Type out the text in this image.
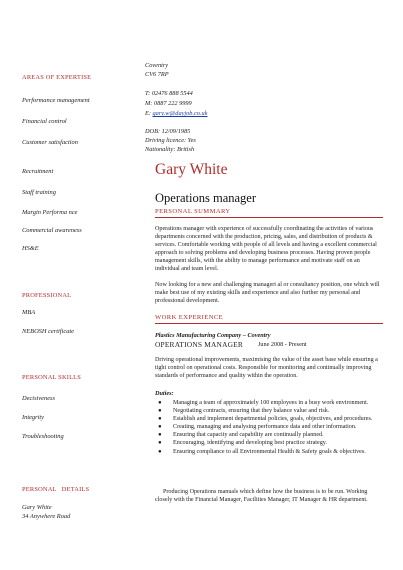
Coventry
CV6 7RP
T: 02476 888 5544
M: 0887 222 9999
E: gary.w@dayjob.co.uk
DOB: 12/09/1985
Driving licence: Yes
Nationality: British
AREAS OF EXPERTISE
Performance management
Financial control
Customer satisfaction
Recruitment
Staff training
Margin Performa nce
Commercial awareness
HS&E
PROFESSIONAL
MBA
NEBOSH certificate
PERSONAL SKILLS
Decisiveness
Integrity
Troubleshooting
PERSONAL   DETAILS
Gary White
34 Anywhere Road
Gary White
Operations manager
PERSONAL SUMMARY
Operations manager with experience of successfully coordinating the activities of various departments concerned with the production, pricing, sales, and distribution of products & services. Comfortable working with people of all levels and having a excellent commercial approach to solving problems and developing business processes. Having proven people management skills, with the ability to manage performance and motivate staff on an individual and team level.
Now looking for a new and challenging manageri al or consultancy position, one which will make best use of my existing skills and experience and also further my personal and professional development.
WORK EXPERIENCE
Plastics Manufacturing Company – Coventry
OPERATIONS MANAGER June 2008 - Present
Driving operational improvements, maximising the value of the asset base while ensuring a tight control on operational costs. Responsible for monitoring and continually improving standards of performance and quality within the operation.
Duties:
● Managing a team of approximately 100 employees in a busy work environment.
● Negotiating contracts, ensuring that they balance value and risk.
● Establish and implement departmental policies, goals, objectives, and procedures.
● Creating, managing and analysing performance data and other information.
● Ensuring that capacity and capability are continually planned.
● Encouraging, identifying and developing best practice strategy.
● Ensuring compliance to all Environmental Health & Safety goals & objectives.
Producing Operations manuals which define how the business is to be run. Working closely with the Financial Manager, Facilities Manager, IT Manager & HR department.
